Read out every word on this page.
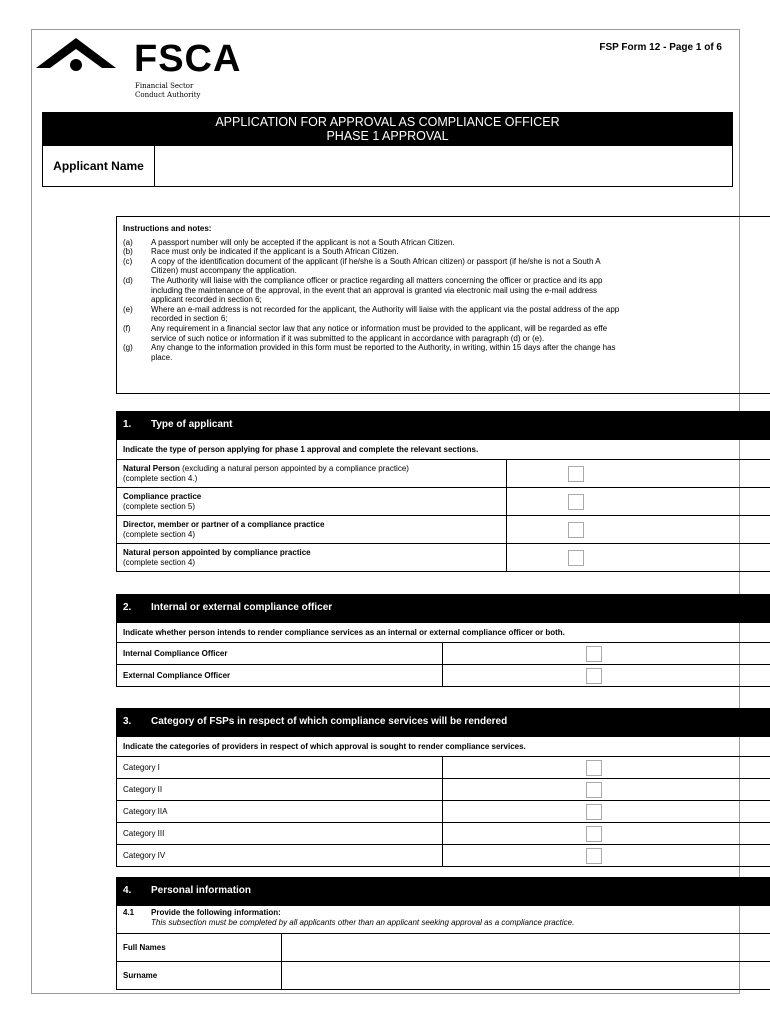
FSCA
Financial Sector
Conduct Authority
FSP Form 12 - Page 1 of 6
APPLICATION FOR APPROVAL AS COMPLIANCE OFFICER
PHASE 1 APPROVAL
Applicant Name
Instructions and notes:
(a)	A passport number will only be accepted if the applicant is not a South African Citizen.
(b)	Race must only be indicated if the applicant is a South African Citizen.
(c)	A copy of the identification document of the applicant (if he/she is a South African citizen) or passport (if he/she is not a South A
Citizen) must accompany the application.
(d)	The Authority will liaise with the compliance officer or practice regarding all matters concerning the officer or practice and its app
including the maintenance of the approval, in the event that an approval is granted via electronic mail using the e-mail address
applicant recorded in section 6;
(e)	Where an e-mail address is not recorded for the applicant, the Authority will liaise with the applicant via the postal address of the app
recorded in section 6;
(f)	Any requirement in a financial sector law that any notice or information must be provided to the applicant, will be regarded as effe
service of such notice or information if it was submitted to the applicant in accordance with paragraph (d) or (e).
(g)	Any change to the information provided in this form must be reported to the Authority, in writing, within 15 days after the change has
place.
1. Type of applicant
Indicate the type of person applying for phase 1 approval and complete the relevant sections.	

Natural Person (excluding a natural person appointed by a compliance practice)
(complete section 4.)	

Compliance practice
(complete section 5)	

Director, member or partner of a compliance practice
(complete section 4)	

Natural person appointed by compliance practice
(complete section 4)	

2. Internal or external compliance officer
Indicate whether person intends to render compliance services as an internal or external compliance officer or both.	
Internal Compliance Officer	
External Compliance Officer	
3. Category of FSPs in respect of which compliance services will be rendered
Indicate the categories of providers in respect of which approval is sought to render compliance services.	
Category I	
Category II	
Category IIA	
Category III	
Category IV	
4. Personal information
4.1 Provide the following information:
This subsection must be completed by all applicants other than an applicant seeking approval as a compliance practice.	

Full Names	
Surname	
